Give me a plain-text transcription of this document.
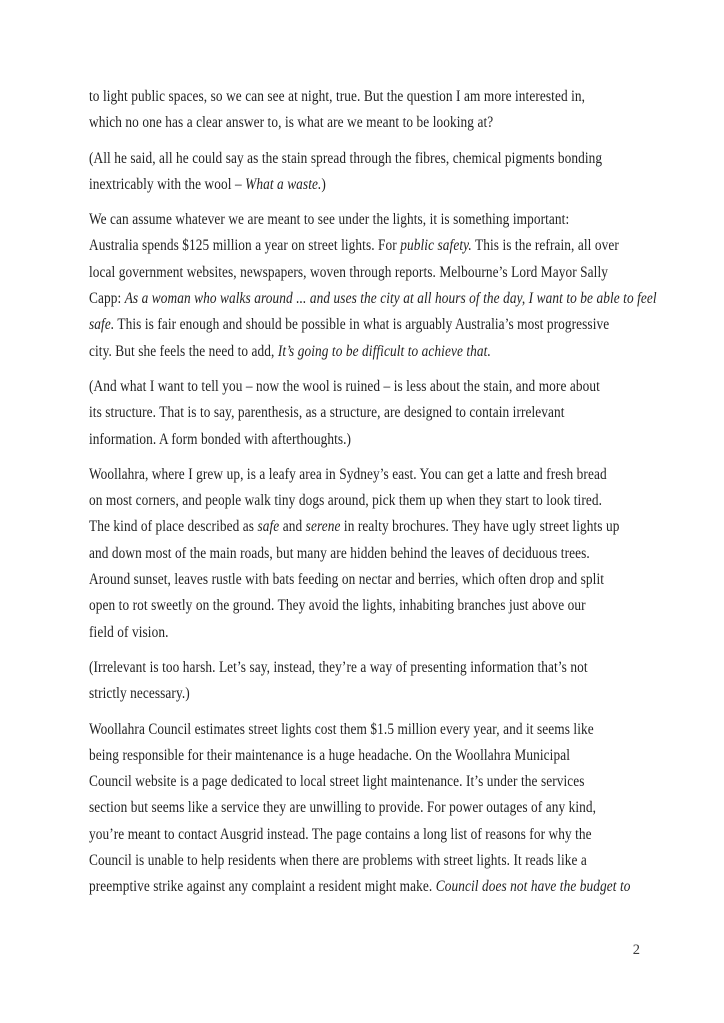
to light public spaces, so we can see at night, true. But the question I am more interested in,
which no one has a clear answer to, is what are we meant to be looking at?
(All he said, all he could say as the stain spread through the fibres, chemical pigments bonding
inextricably with the wool – What a waste.)
We can assume whatever we are meant to see under the lights, it is something important:
Australia spends $125 million a year on street lights. For public safety. This is the refrain, all over
local government websites, newspapers, woven through reports. Melbourne’s Lord Mayor Sally
Capp: As a woman who walks around ... and uses the city at all hours of the day, I want to be able to feel
safe. This is fair enough and should be possible in what is arguably Australia’s most progressive
city. But she feels the need to add, It’s going to be difficult to achieve that.
(And what I want to tell you – now the wool is ruined – is less about the stain, and more about
its structure. That is to say, parenthesis, as a structure, are designed to contain irrelevant
information. A form bonded with afterthoughts.)
Woollahra, where I grew up, is a leafy area in Sydney’s east. You can get a latte and fresh bread
on most corners, and people walk tiny dogs around, pick them up when they start to look tired.
The kind of place described as safe and serene in realty brochures. They have ugly street lights up
and down most of the main roads, but many are hidden behind the leaves of deciduous trees.
Around sunset, leaves rustle with bats feeding on nectar and berries, which often drop and split
open to rot sweetly on the ground. They avoid the lights, inhabiting branches just above our
field of vision.
(Irrelevant is too harsh. Let’s say, instead, they’re a way of presenting information that’s not
strictly necessary.)
Woollahra Council estimates street lights cost them $1.5 million every year, and it seems like
being responsible for their maintenance is a huge headache. On the Woollahra Municipal
Council website is a page dedicated to local street light maintenance. It’s under the services
section but seems like a service they are unwilling to provide. For power outages of any kind,
you’re meant to contact Ausgrid instead. The page contains a long list of reasons for why the
Council is unable to help residents when there are problems with street lights. It reads like a
preemptive strike against any complaint a resident might make. Council does not have the budget to
2
